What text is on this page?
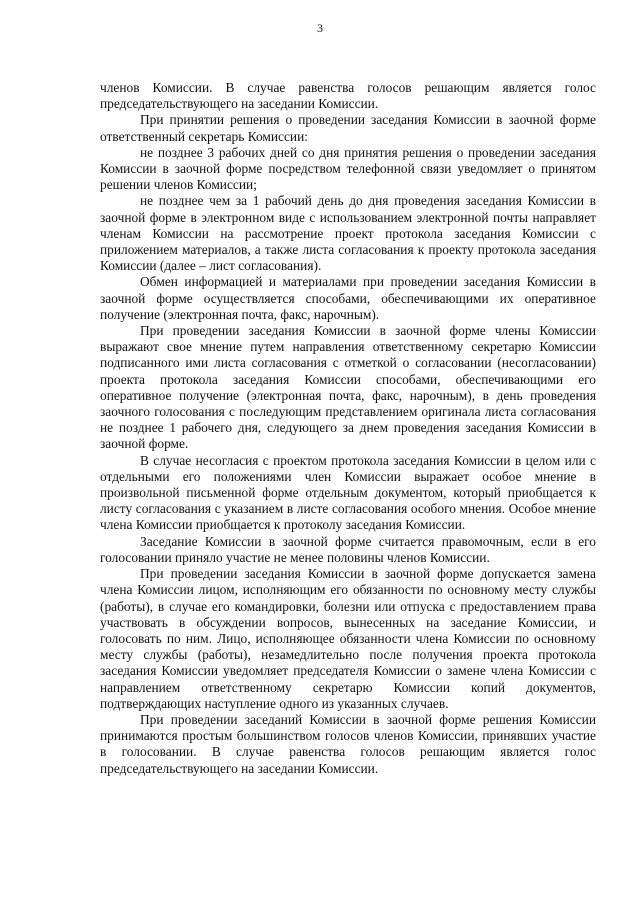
3

членов Комиссии. В случае равенства голосов решающим является голос председательствующего на заседании Комиссии.

При принятии решения о проведении заседания Комиссии в заочной форме ответственный секретарь Комиссии:

не позднее 3 рабочих дней со дня принятия решения о проведении заседания Комиссии в заочной форме посредством телефонной связи уведомляет о принятом решении членов Комиссии;

не позднее чем за 1 рабочий день до дня проведения заседания Комиссии в заочной форме в электронном виде с использованием электронной почты направляет членам Комиссии на рассмотрение проект протокола заседания Комиссии с приложением материалов, а также листа согласования к проекту протокола заседания Комиссии (далее – лист согласования).

Обмен информацией и материалами при проведении заседания Комиссии в заочной форме осуществляется способами, обеспечивающими их оперативное получение (электронная почта, факс, нарочным).

При проведении заседания Комиссии в заочной форме члены Комиссии выражают свое мнение путем направления ответственному секретарю Комиссии подписанного ими листа согласования с отметкой о согласовании (несогласовании) проекта протокола заседания Комиссии способами, обеспечивающими его оперативное получение (электронная почта, факс, нарочным), в день проведения заочного голосования с последующим представлением оригинала листа согласования не позднее 1 рабочего дня, следующего за днем проведения заседания Комиссии в заочной форме.

В случае несогласия с проектом протокола заседания Комиссии в целом или с отдельными его положениями член Комиссии выражает особое мнение в произвольной письменной форме отдельным документом, который приобщается к листу согласования с указанием в листе согласования особого мнения. Особое мнение члена Комиссии приобщается к протоколу заседания Комиссии.

Заседание Комиссии в заочной форме считается правомочным, если в его голосовании приняло участие не менее половины членов Комиссии.

При проведении заседания Комиссии в заочной форме допускается замена члена Комиссии лицом, исполняющим его обязанности по основному месту службы (работы), в случае его командировки, болезни или отпуска с предоставлением права участвовать в обсуждении вопросов, вынесенных на заседание Комиссии, и голосовать по ним. Лицо, исполняющее обязанности члена Комиссии по основному месту службы (работы), незамедлительно после получения проекта протокола заседания Комиссии уведомляет председателя Комиссии о замене члена Комиссии с направлением ответственному секретарю Комиссии копий документов, подтверждающих наступление одного из указанных случаев.

При проведении заседаний Комиссии в заочной форме решения Комиссии принимаются простым большинством голосов членов Комиссии, принявших участие в голосовании. В случае равенства голосов решающим является голос председательствующего на заседании Комиссии.
